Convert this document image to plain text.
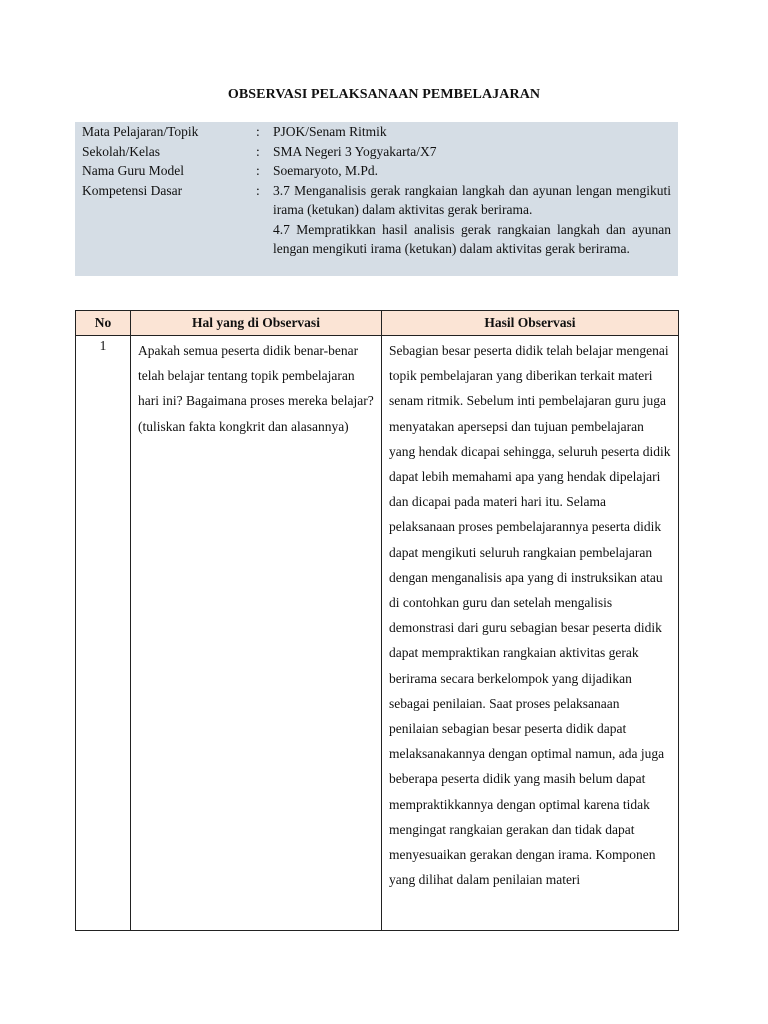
OBSERVASI PELAKSANAAN PEMBELAJARAN
Mata Pelajaran/Topik	: PJOK/Senam Ritmik
Sekolah/Kelas	: SMA Negeri 3 Yogyakarta/X7
Nama Guru Model	: Soemaryoto, M.Pd.
Kompetensi Dasar	: 3.7 Menganalisis gerak rangkaian langkah dan ayunan lengan mengikuti irama (ketukan) dalam aktivitas gerak berirama.

4.7 Mempratikkan hasil analisis gerak rangkaian langkah dan ayunan lengan mengikuti irama (ketukan) dalam aktivitas gerak berirama.

No	Hal yang di Observasi	Hasil Observasi
1	Apakah semua peserta didik benar-benar telah belajar tentang topik pembelajaran hari ini? Bagaimana proses mereka belajar? (tuliskan fakta kongkrit dan alasannya)	Sebagian besar peserta didik telah belajar mengenai topik pembelajaran yang diberikan terkait materi senam ritmik. Sebelum inti pembelajaran guru juga menyatakan apersepsi dan tujuan pembelajaran yang hendak dicapai sehingga, seluruh peserta didik dapat lebih memahami apa yang hendak dipelajari dan dicapai pada materi hari itu. Selama pelaksanaan proses pembelajarannya peserta didik dapat mengikuti seluruh rangkaian pembelajaran dengan menganalisis apa yang di instruksikan atau di contohkan guru dan setelah mengalisis demonstrasi dari guru sebagian besar peserta didik dapat mempraktikan rangkaian aktivitas gerak berirama secara berkelompok yang dijadikan sebagai penilaian. Saat proses pelaksanaan penilaian sebagian besar peserta didik dapat melaksanakannya dengan optimal namun, ada juga beberapa peserta didik yang masih belum dapat mempraktikkannya dengan optimal karena tidak mengingat rangkaian gerakan dan tidak dapat menyesuaikan gerakan dengan irama. Komponen yang dilihat dalam penilaian materi
